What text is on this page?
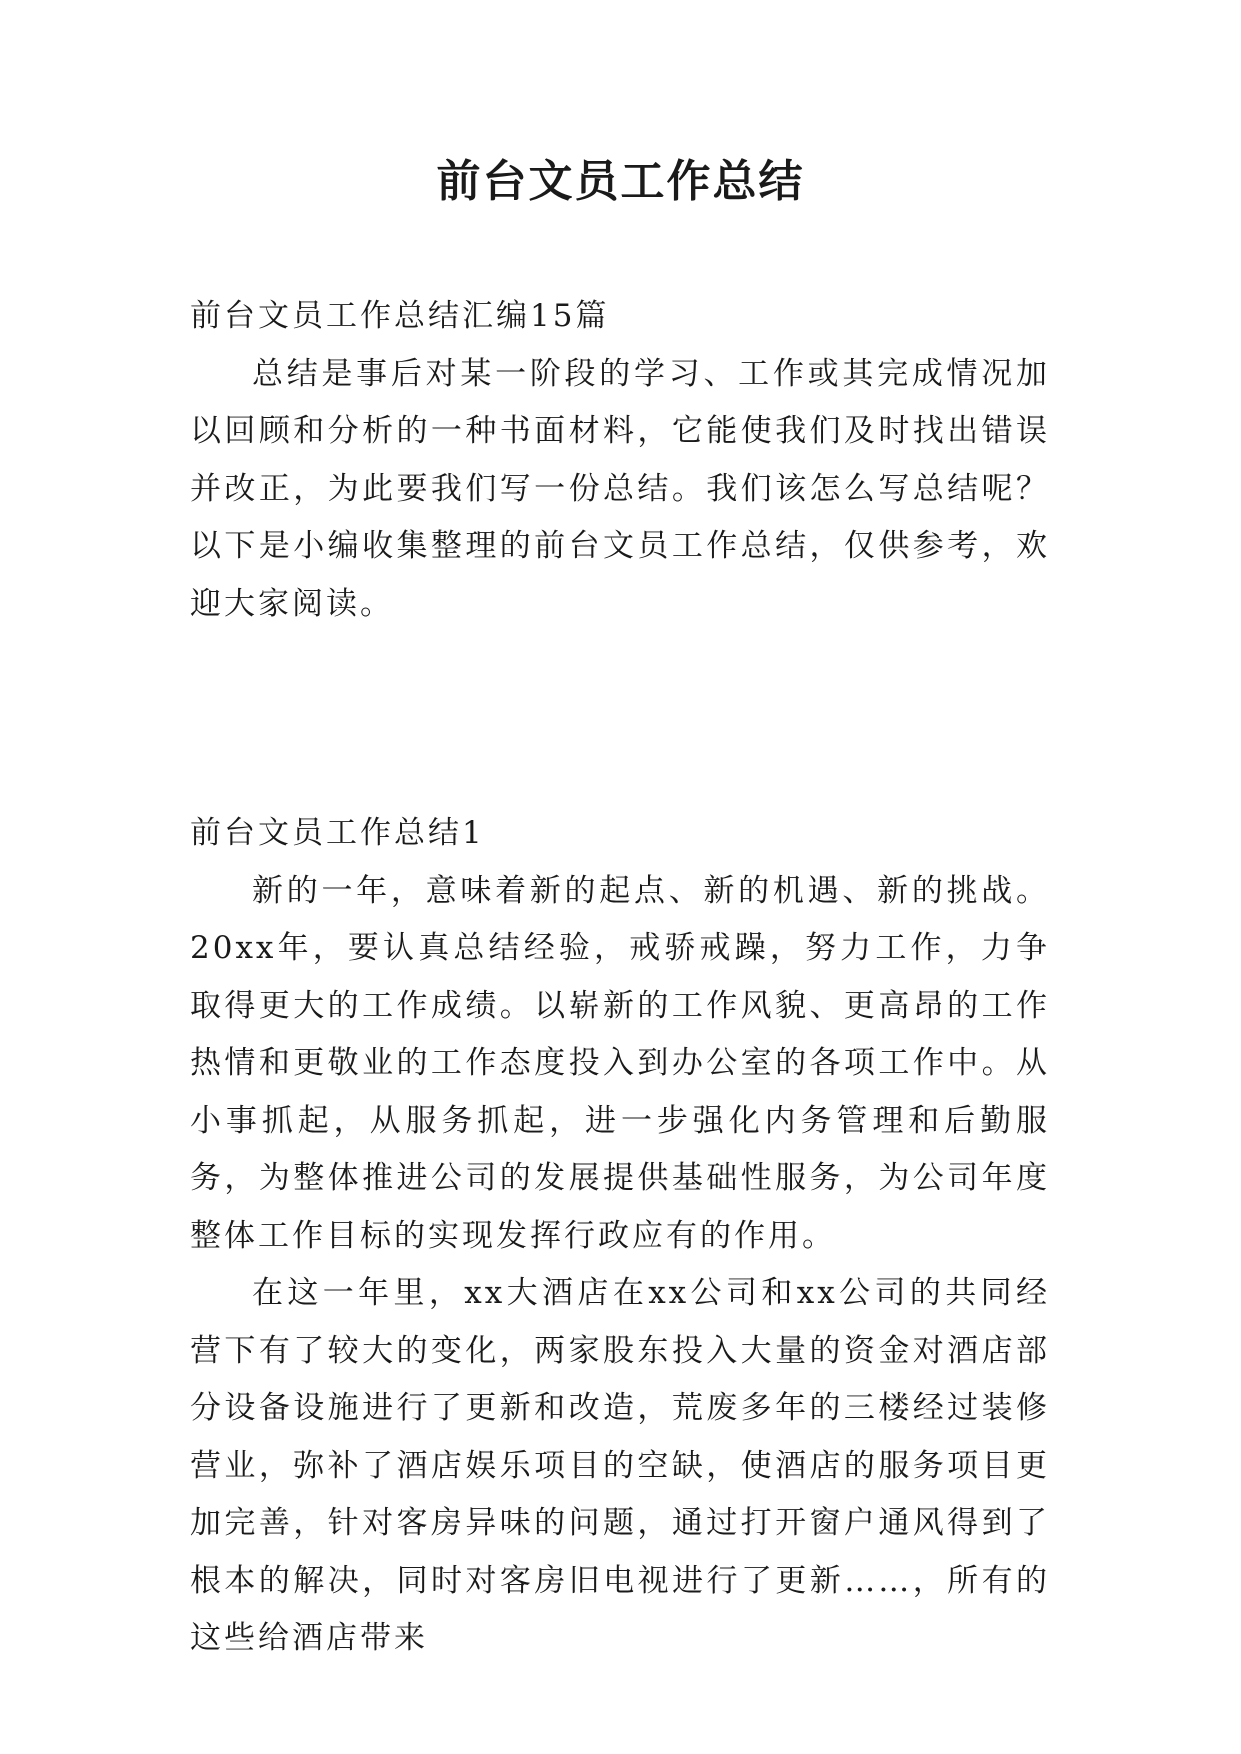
前台文员工作总结

前台文员工作总结汇编15篇

总结是事后对某一阶段的学习、工作或其完成情况加以回顾和分析的一种书面材料，它能使我们及时找出错误并改正，为此要我们写一份总结。我们该怎么写总结呢？以下是小编收集整理的前台文员工作总结，仅供参考，欢迎大家阅读。

前台文员工作总结1

新的一年，意味着新的起点、新的机遇、新的挑战。20xx年，要认真总结经验，戒骄戒躁，努力工作，力争取得更大的工作成绩。以崭新的工作风貌、更高昂的工作热情和更敬业的工作态度投入到办公室的各项工作中。从小事抓起，从服务抓起，进一步强化内务管理和后勤服务，为整体推进公司的发展提供基础性服务，为公司年度整体工作目标的实现发挥行政应有的作用。

在这一年里，xx大酒店在xx公司和xx公司的共同经营下有了较大的变化，两家股东投入大量的资金对酒店部分设备设施进行了更新和改造，荒废多年的三楼经过装修营业，弥补了酒店娱乐项目的空缺，使酒店的服务项目更加完善，针对客房异味的问题，通过打开窗户通风得到了根本的解决，同时对客房旧电视进行了更新……，所有的这些给酒店带来
